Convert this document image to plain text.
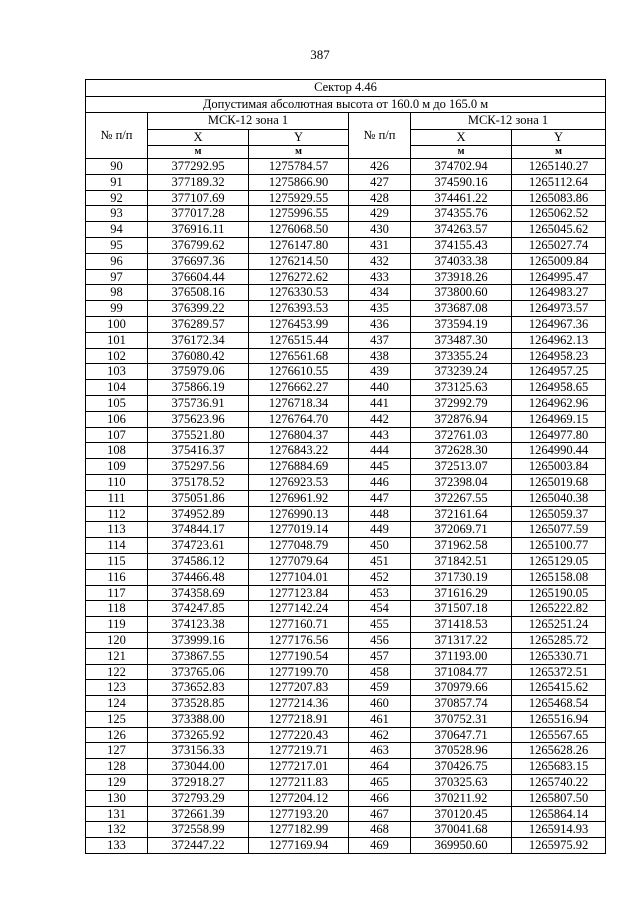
387
Сектор 4.46					
Допустимая абсолютная высота от 160.0 м до 165.0 м					
№ п/п	МСК-12 зона 1		№ п/п	МСК-12 зона 1	
	X	Y		X	Y
	м	м		м	м
90	377292.95	1275784.57	426	374702.94	1265140.27
91	377189.32	1275866.90	427	374590.16	1265112.64
92	377107.69	1275929.55	428	374461.22	1265083.86
93	377017.28	1275996.55	429	374355.76	1265062.52
94	376916.11	1276068.50	430	374263.57	1265045.62
95	376799.62	1276147.80	431	374155.43	1265027.74
96	376697.36	1276214.50	432	374033.38	1265009.84
97	376604.44	1276272.62	433	373918.26	1264995.47
98	376508.16	1276330.53	434	373800.60	1264983.27
99	376399.22	1276393.53	435	373687.08	1264973.57
100	376289.57	1276453.99	436	373594.19	1264967.36
101	376172.34	1276515.44	437	373487.30	1264962.13
102	376080.42	1276561.68	438	373355.24	1264958.23
103	375979.06	1276610.55	439	373239.24	1264957.25
104	375866.19	1276662.27	440	373125.63	1264958.65
105	375736.91	1276718.34	441	372992.79	1264962.96
106	375623.96	1276764.70	442	372876.94	1264969.15
107	375521.80	1276804.37	443	372761.03	1264977.80
108	375416.37	1276843.22	444	372628.30	1264990.44
109	375297.56	1276884.69	445	372513.07	1265003.84
110	375178.52	1276923.53	446	372398.04	1265019.68
111	375051.86	1276961.92	447	372267.55	1265040.38
112	374952.89	1276990.13	448	372161.64	1265059.37
113	374844.17	1277019.14	449	372069.71	1265077.59
114	374723.61	1277048.79	450	371962.58	1265100.77
115	374586.12	1277079.64	451	371842.51	1265129.05
116	374466.48	1277104.01	452	371730.19	1265158.08
117	374358.69	1277123.84	453	371616.29	1265190.05
118	374247.85	1277142.24	454	371507.18	1265222.82
119	374123.38	1277160.71	455	371418.53	1265251.24
120	373999.16	1277176.56	456	371317.22	1265285.72
121	373867.55	1277190.54	457	371193.00	1265330.71
122	373765.06	1277199.70	458	371084.77	1265372.51
123	373652.83	1277207.83	459	370979.66	1265415.62
124	373528.85	1277214.36	460	370857.74	1265468.54
125	373388.00	1277218.91	461	370752.31	1265516.94
126	373265.92	1277220.43	462	370647.71	1265567.65
127	373156.33	1277219.71	463	370528.96	1265628.26
128	373044.00	1277217.01	464	370426.75	1265683.15
129	372918.27	1277211.83	465	370325.63	1265740.22
130	372793.29	1277204.12	466	370211.92	1265807.50
131	372661.39	1277193.20	467	370120.45	1265864.14
132	372558.99	1277182.99	468	370041.68	1265914.93
133	372447.22	1277169.94	469	369950.60	1265975.92
